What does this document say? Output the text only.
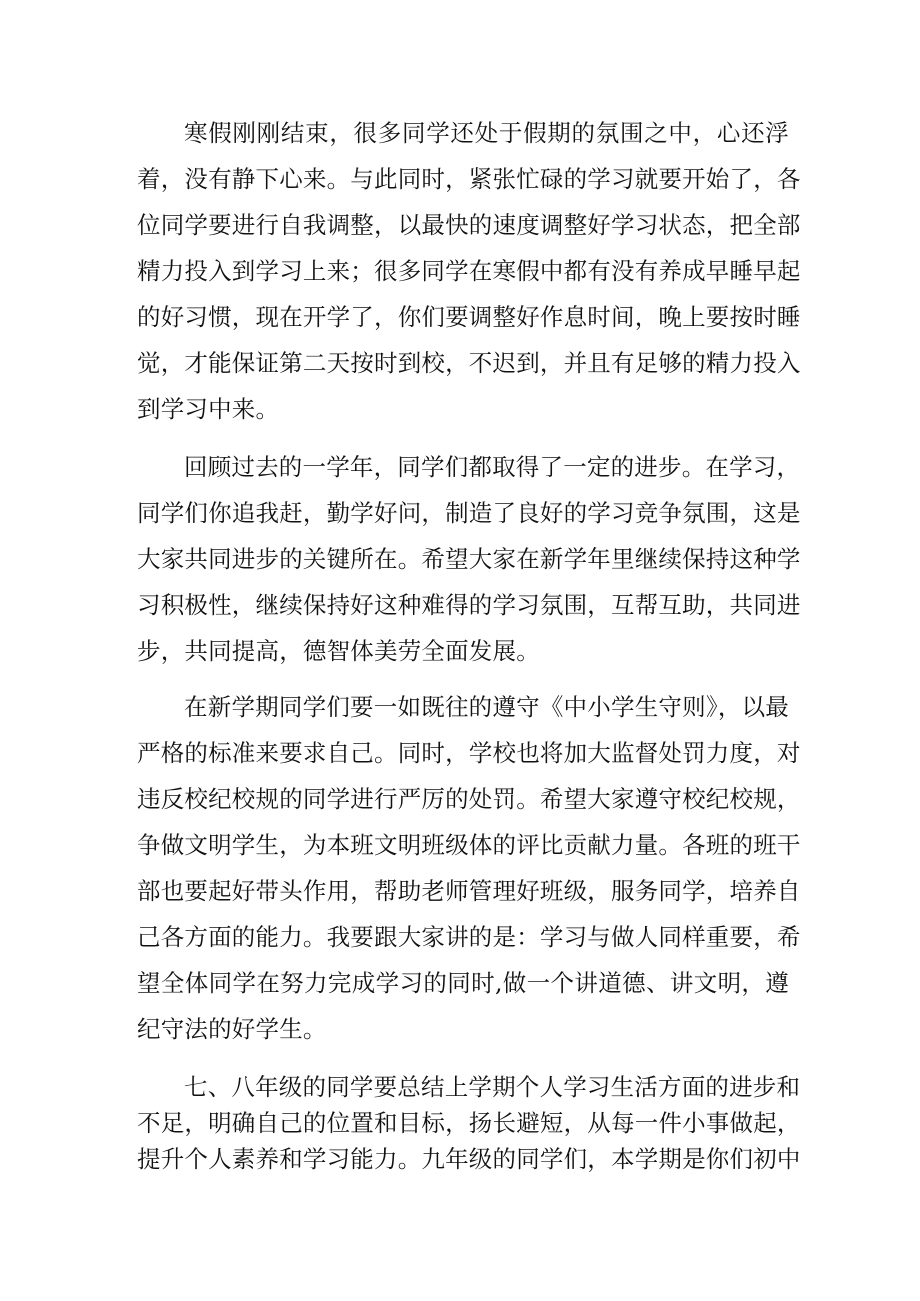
寒假刚刚结束，很多同学还处于假期的氛围之中，心还浮
着，没有静下心来。与此同时，紧张忙碌的学习就要开始了，各
位同学要进行自我调整，以最快的速度调整好学习状态，把全部
精力投入到学习上来；很多同学在寒假中都有没有养成早睡早起
的好习惯，现在开学了，你们要调整好作息时间，晚上要按时睡
觉，才能保证第二天按时到校，不迟到，并且有足够的精力投入
到学习中来。
回顾过去的一学年，同学们都取得了一定的进步。在学习，
同学们你追我赶，勤学好问，制造了良好的学习竞争氛围，这是
大家共同进步的关键所在。希望大家在新学年里继续保持这种学
习积极性，继续保持好这种难得的学习氛围，互帮互助，共同进
步，共同提高，德智体美劳全面发展。
在新学期同学们要一如既往的遵守《中小学生守则》，以最
严格的标准来要求自己。同时，学校也将加大监督处罚力度，对
违反校纪校规的同学进行严厉的处罚。希望大家遵守校纪校规，
争做文明学生，为本班文明班级体的评比贡献力量。各班的班干
部也要起好带头作用，帮助老师管理好班级，服务同学，培养自
己各方面的能力。我要跟大家讲的是：学习与做人同样重要，希
望全体同学在努力完成学习的同时,做一个讲道德、讲文明，遵
纪守法的好学生。
七、八年级的同学要总结上学期个人学习生活方面的进步和
不足，明确自己的位置和目标，扬长避短，从每一件小事做起，
提升个人素养和学习能力。九年级的同学们，本学期是你们初中
